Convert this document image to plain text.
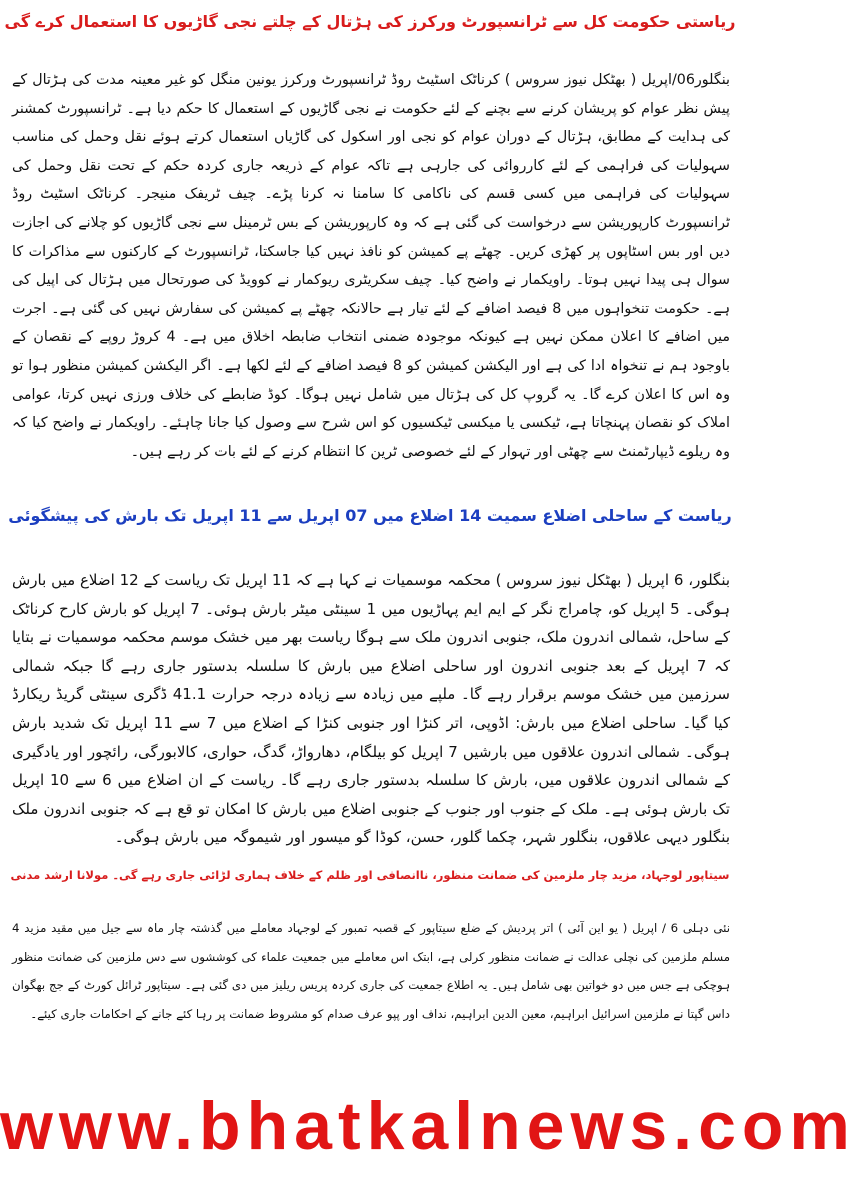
ریاستی حکومت کل سے ٹرانسپورٹ ورکرز کی ہڑتال کے چلتے نجی گاڑیوں کا استعمال کرے گی

بنگلور06/اپریل ( بھٹکل نیوز سروس ) کرناٹک اسٹیٹ روڈ ٹرانسپورٹ ورکرز یونین منگل کو غیر معینہ مدت کی ہڑتال کے پیش نظر عوام کو پریشان کرنے سے بچنے کے لئے حکومت نے نجی گاڑیوں کے استعمال کا حکم دیا ہے۔ ٹرانسپورٹ کمشنر کی ہدایت کے مطابق، ہڑتال کے دوران عوام کو نجی اور اسکول کی گاڑیاں استعمال کرتے ہوئے نقل وحمل کی مناسب سہولیات کی فراہمی کے لئے کارروائی کی جارہی ہے تاکہ عوام کے ذریعہ جاری کردہ حکم کے تحت نقل وحمل کی سہولیات کی فراہمی میں کسی قسم کی ناکامی کا سامنا نہ کرنا پڑے۔ چیف ٹریفک منیجر۔ کرناٹک اسٹیٹ روڈ ٹرانسپورٹ کارپوریشن سے درخواست کی گئی ہے کہ وہ کارپوریشن کے بس ٹرمینل سے نجی گاڑیوں کو چلانے کی اجازت دیں اور بس اسٹاپوں پر کھڑی کریں۔ چھٹے پے کمیشن کو نافذ نہیں کیا جاسکتا، ٹرانسپورٹ کے کارکنوں سے مذاکرات کا سوال ہی پیدا نہیں ہوتا۔ راویکمار نے واضح کیا۔ چیف سکریٹری ریوکمار نے کوویڈ کی صورتحال میں ہڑتال کی اپیل کی ہے۔ حکومت تنخواہوں میں 8 فیصد اضافے کے لئے تیار ہے حالانکہ چھٹے پے کمیشن کی سفارش نہیں کی گئی ہے۔ اجرت میں اضافے کا اعلان ممکن نہیں ہے کیونکہ موجودہ ضمنی انتخاب ضابطہ اخلاق میں ہے۔ 4 کروڑ روپے کے نقصان کے باوجود ہم نے تنخواہ ادا کی ہے اور الیکشن کمیشن کو 8 فیصد اضافے کے لئے لکھا ہے۔ اگر الیکشن کمیشن منظور ہوا تو وہ اس کا اعلان کرے گا۔ یہ گروپ کل کی ہڑتال میں شامل نہیں ہوگا۔ کوڈ ضابطے کی خلاف ورزی نہیں کرتا، عوامی املاک کو نقصان پہنچاتا ہے، ٹیکسی یا میکسی ٹیکسیوں کو اس شرح سے وصول کیا جانا چاہئے۔ راویکمار نے واضح کیا کہ وہ ریلوے ڈیپارٹمنٹ سے چھٹی اور تہوار کے لئے خصوصی ٹرین کا انتظام کرنے کے لئے بات کر رہے ہیں۔

ریاست کے ساحلی اضلاع سمیت 14 اضلاع میں 07 اپریل سے 11 اپریل تک بارش کی پیشگوئی

بنگلور، 6 اپریل ( بھٹکل نیوز سروس ) محکمہ موسمیات نے کہا ہے کہ 11 اپریل تک ریاست کے 12 اضلاع میں بارش ہوگی۔ 5 اپریل کو، چامراج نگر کے ایم ایم پہاڑیوں میں 1 سینٹی میٹر بارش ہوئی۔ 7 اپریل کو بارش کارح کرناٹک کے ساحل، شمالی اندرون ملک، جنوبی اندرون ملک سے ہوگا ریاست بھر میں خشک موسم محکمہ موسمیات نے بتایا کہ 7 اپریل کے بعد جنوبی اندرون اور ساحلی اضلاع میں بارش کا سلسلہ بدستور جاری رہے گا جبکہ شمالی سرزمین میں خشک موسم برقرار رہے گا۔ ملپے میں زیادہ سے زیادہ درجہ حرارت 41.1 ڈگری سینٹی گریڈ ریکارڈ کیا گیا۔ ساحلی اضلاع میں بارش: اڈوپی، اتر کنڑا اور جنوبی کنڑا کے اضلاع میں 7 سے 11 اپریل تک شدید بارش ہوگی۔ شمالی اندرون علاقوں میں بارشیں 7 اپریل کو بیلگام، دھارواڑ، گدگ، حواری، کالابورگی، رائچور اور یادگیری کے شمالی اندرون علاقوں میں، بارش کا سلسلہ بدستور جاری رہے گا۔ ریاست کے ان اضلاع میں 6 سے 10 اپریل تک بارش ہوئی ہے۔ ملک کے جنوب اور جنوب کے جنوبی اضلاع میں بارش کا امکان تو قع ہے کہ جنوبی اندرون ملک بنگلور دیہی علاقوں، بنگلور شہر، چکما گلور، حسن، کوڈا گو میسور اور شیموگہ میں بارش ہوگی۔

سیتاپور لوجہاد، مزید چار ملزمین کی ضمانت منظور، ناانصافی اور ظلم کے خلاف ہماری لڑائی جاری رہے گی۔ مولانا ارشد مدنی

نئی دہلی 6 / اپریل ( یو این آئی ) اتر پردیش کے ضلع سیتاپور کے قصبہ تمبور کے لوجہاد معاملے میں گذشتہ چار ماہ سے جیل میں مقید مزید 4 مسلم ملزمین کی نچلی عدالت نے ضمانت منظور کرلی ہے، ابتک اس معاملے میں جمعیت علماء کی کوششوں سے دس ملزمین کی ضمانت منظور ہوچکی ہے جس میں دو خواتین بھی شامل ہیں۔ یہ اطلاع جمعیت کی جاری کردہ پریس ریلیز میں دی گئی ہے۔ سیتاپور ٹرائل کورٹ کے جج بھگوان داس گپتا نے ملزمین اسرائیل ابراہیم، معین الدین ابراہیم، نداف اور پپو عرف صدام کو مشروط ضمانت پر رہا کئے جانے کے احکامات جاری کیئے۔

www.bhatkalnews.com
